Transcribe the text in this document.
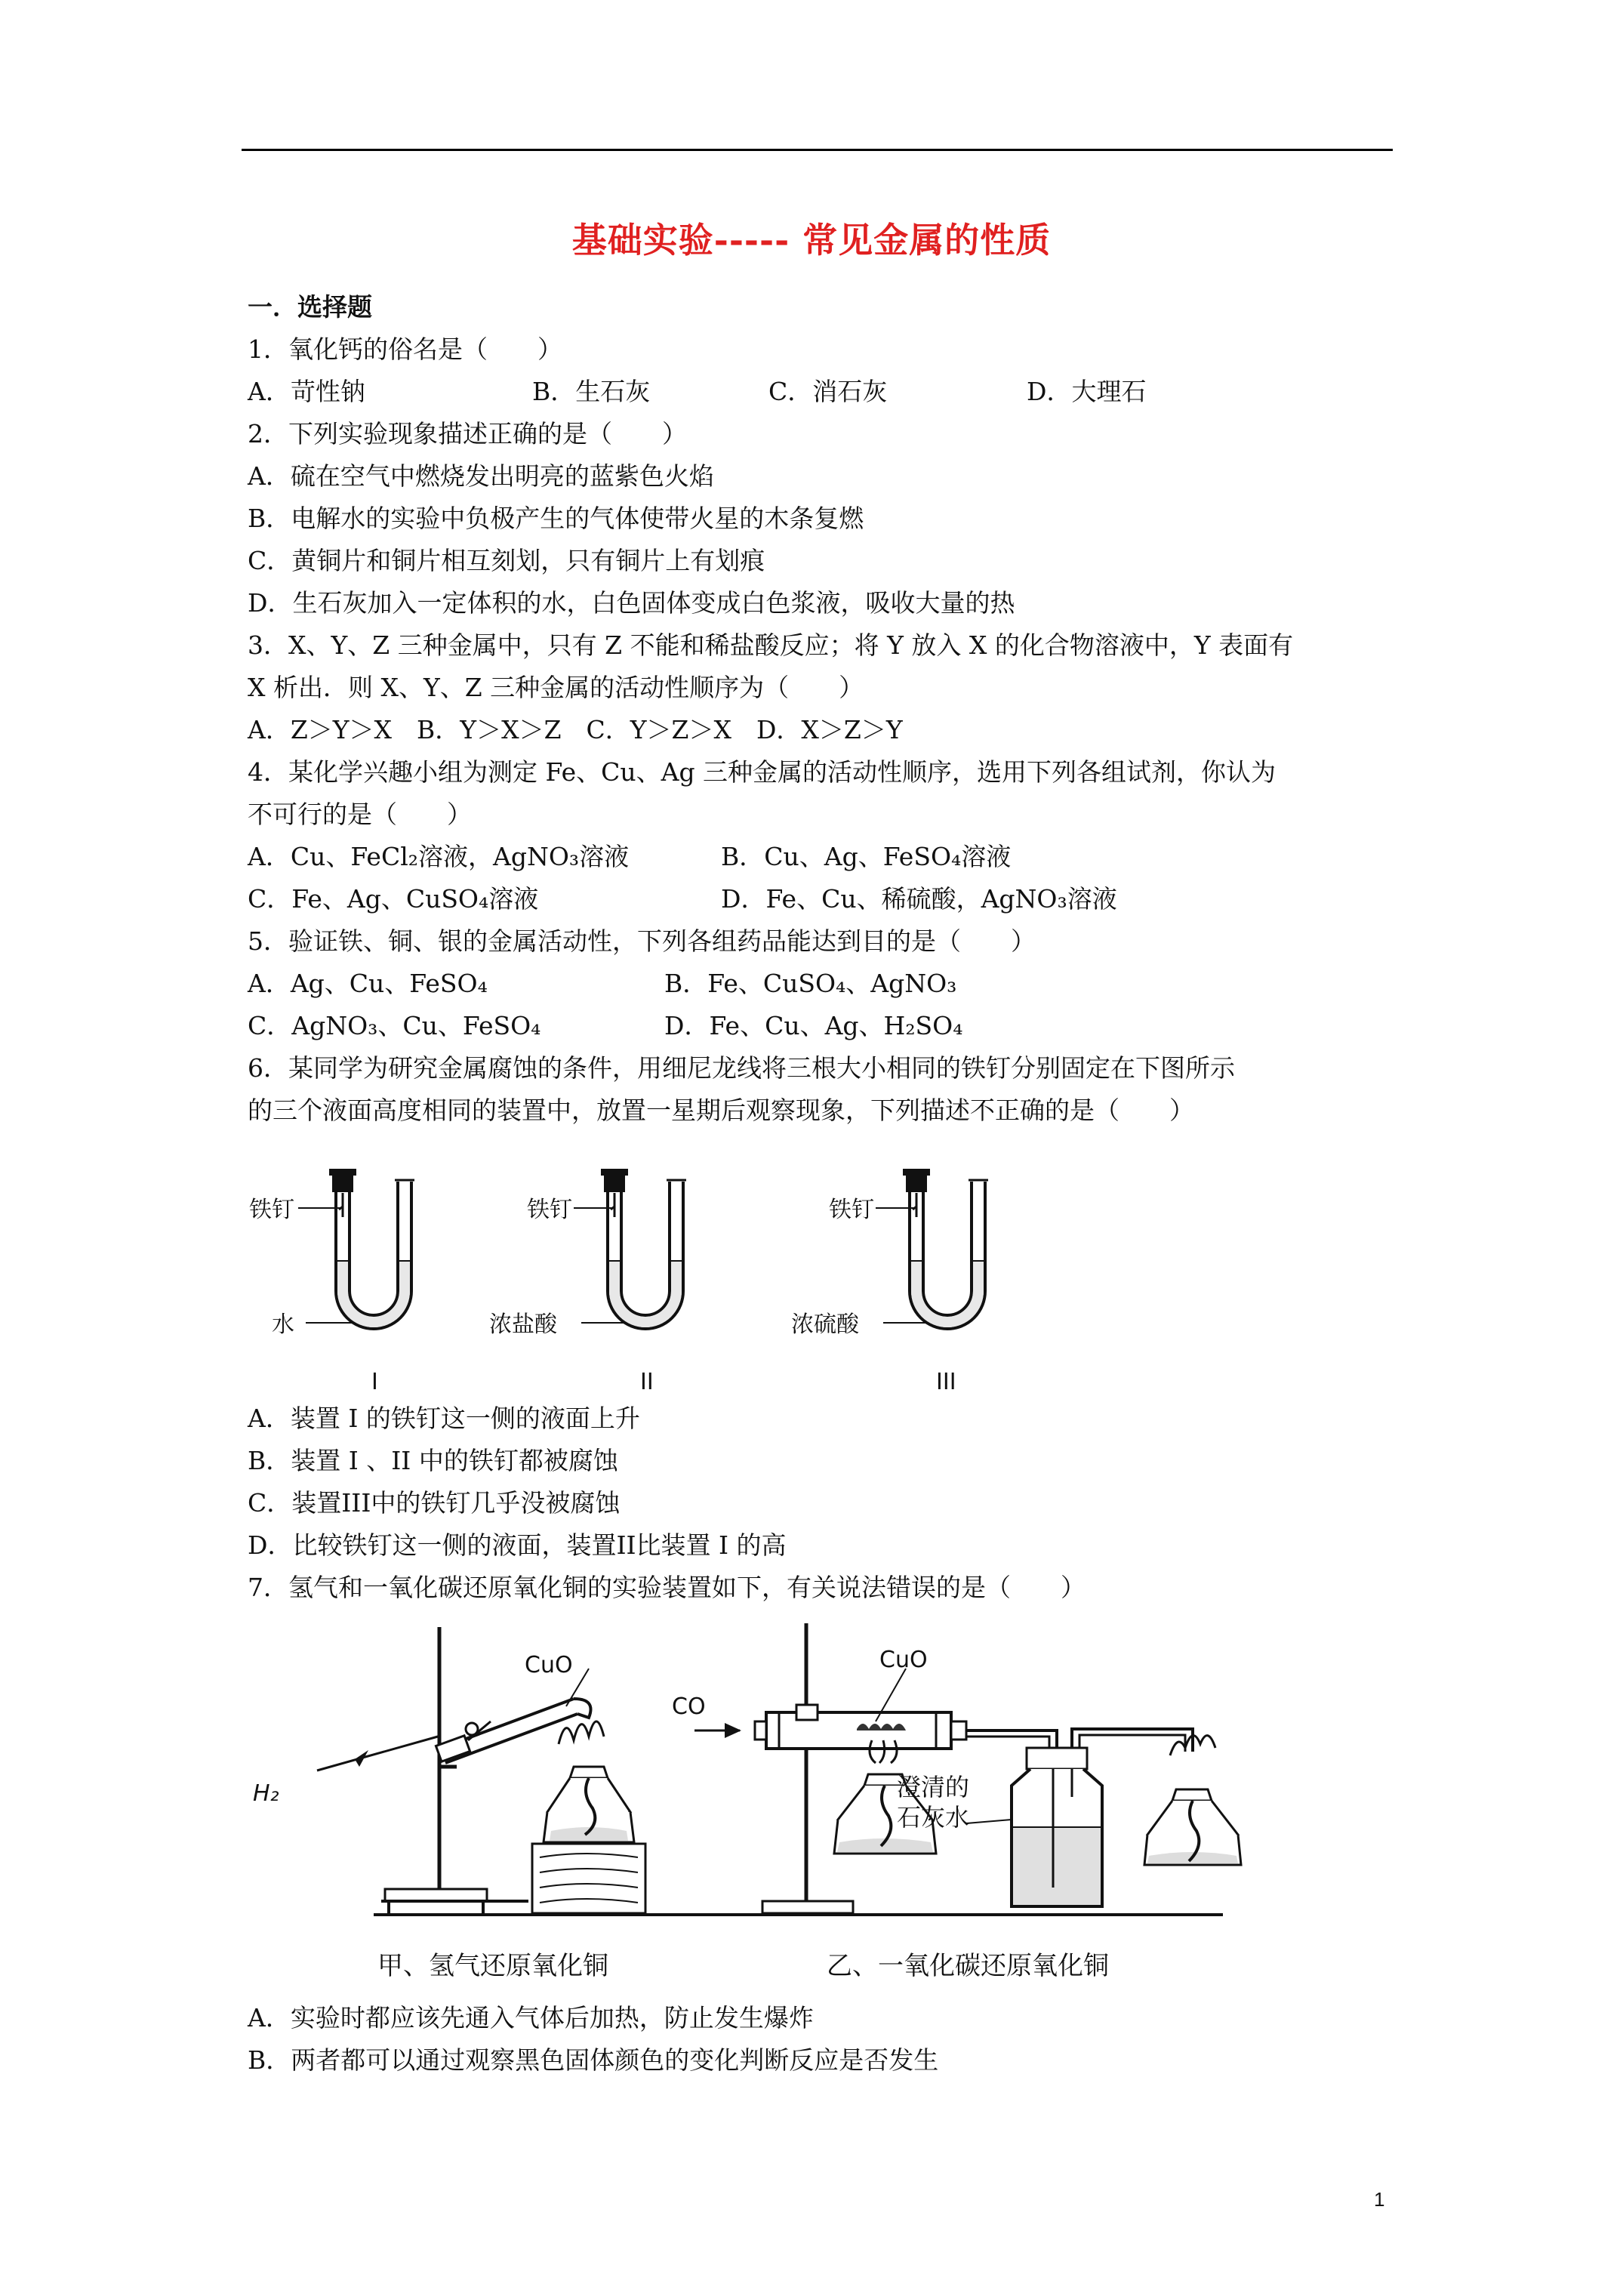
基础实验----- 常见金属的性质
一．选择题
1．氧化钙的俗名是（　　）
A．苛性钠	B．生石灰	C．消石灰	D．大理石
2．下列实验现象描述正确的是（　　）
A．硫在空气中燃烧发出明亮的蓝紫色火焰
B．电解水的实验中负极产生的气体使带火星的木条复燃
C．黄铜片和铜片相互刻划，只有铜片上有划痕
D．生石灰加入一定体积的水，白色固体变成白色浆液，吸收大量的热
3．X、Y、Z 三种金属中，只有 Z 不能和稀盐酸反应；将 Y 放入 X 的化合物溶液中，Y 表面有
X 析出．则 X、Y、Z 三种金属的活动性顺序为（　　）
A．Z＞Y＞X　B．Y＞X＞Z　C．Y＞Z＞X　D．X＞Z＞Y
4．某化学兴趣小组为测定 Fe、Cu、Ag 三种金属的活动性顺序，选用下列各组试剂，你认为
不可行的是（　　）
A．Cu、FeCl₂溶液，AgNO₃溶液	B．Cu、Ag、FeSO₄溶液
C．Fe、Ag、CuSO₄溶液	D．Fe、Cu、稀硫酸，AgNO₃溶液
5．验证铁、铜、银的金属活动性，下列各组药品能达到目的是（　　）
A．Ag、Cu、FeSO₄	B．Fe、CuSO₄、AgNO₃
C．AgNO₃、Cu、FeSO₄	D．Fe、Cu、Ag、H₂SO₄
6．某同学为研究金属腐蚀的条件，用细尼龙线将三根大小相同的铁钉分别固定在下图所示
的三个液面高度相同的装置中，放置一星期后观察现象，下列描述不正确的是（　　）
铁钉
水
I
铁钉
浓盐酸
II
铁钉
浓硫酸
III
A．装置 I 的铁钉这一侧的液面上升
B．装置 I 、II 中的铁钉都被腐蚀
C．装置III中的铁钉几乎没被腐蚀
D．比较铁钉这一侧的液面，装置II比装置 I 的高
7．氢气和一氧化碳还原氧化铜的实验装置如下，有关说法错误的是（　　）
CuO
H₂
甲、氢气还原氧化铜
CuO
CO
澄清的
石灰水
乙、一氧化碳还原氧化铜
A．实验时都应该先通入气体后加热，防止发生爆炸
B．两者都可以通过观察黑色固体颜色的变化判断反应是否发生
1
